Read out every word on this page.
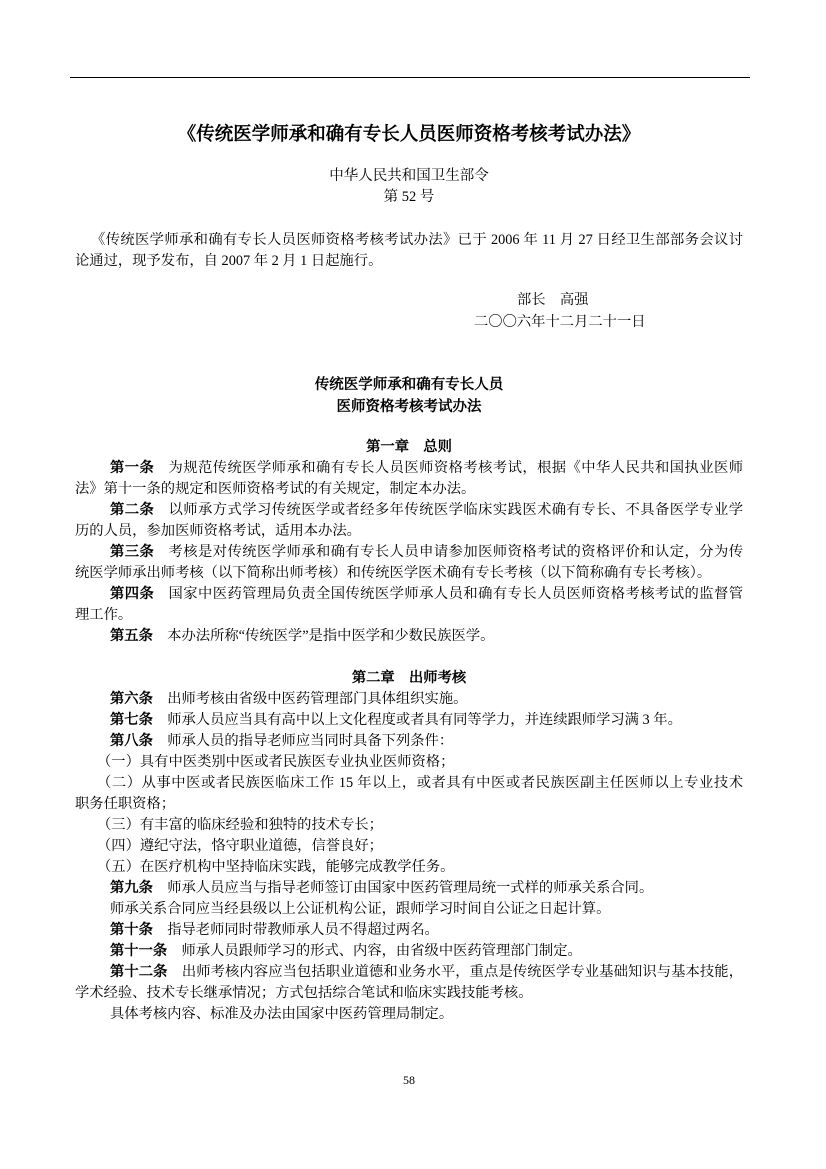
《传统医学师承和确有专长人员医师资格考核考试办法》
中华人民共和国卫生部令
第 52 号
《传统医学师承和确有专长人员医师资格考核考试办法》已于 2006 年 11 月 27 日经卫生部部务会议讨
论通过，现予发布，自 2007 年 2 月 1 日起施行。
部长　高强
二〇〇六年十二月二十一日
传统医学师承和确有专长人员
医师资格考核考试办法
第一章　总则
第一条 为规范传统医学师承和确有专长人员医师资格考核考试，根据《中华人民共和国执业医师
法》第十一条的规定和医师资格考试的有关规定，制定本办法。
第二条 以师承方式学习传统医学或者经多年传统医学临床实践医术确有专长、不具备医学专业学
历的人员，参加医师资格考试，适用本办法。
第三条 考核是对传统医学师承和确有专长人员申请参加医师资格考试的资格评价和认定，分为传
统医学师承出师考核（以下简称出师考核）和传统医学医术确有专长考核（以下简称确有专长考核）。
第四条 国家中医药管理局负责全国传统医学师承人员和确有专长人员医师资格考核考试的监督管
理工作。
第五条 本办法所称“传统医学”是指中医学和少数民族医学。
第二章　出师考核
第六条 出师考核由省级中医药管理部门具体组织实施。
第七条 师承人员应当具有高中以上文化程度或者具有同等学力，并连续跟师学习满 3 年。
第八条 师承人员的指导老师应当同时具备下列条件：
（一）具有中医类别中医或者民族医专业执业医师资格；
（二）从事中医或者民族医临床工作 15 年以上，或者具有中医或者民族医副主任医师以上专业技术
职务任职资格；
（三）有丰富的临床经验和独特的技术专长；
（四）遵纪守法，恪守职业道德，信誉良好；
（五）在医疗机构中坚持临床实践，能够完成教学任务。
第九条 师承人员应当与指导老师签订由国家中医药管理局统一式样的师承关系合同。
师承关系合同应当经县级以上公证机构公证，跟师学习时间自公证之日起计算。
第十条 指导老师同时带教师承人员不得超过两名。
第十一条 师承人员跟师学习的形式、内容，由省级中医药管理部门制定。
第十二条 出师考核内容应当包括职业道德和业务水平，重点是传统医学专业基础知识与基本技能，
学术经验、技术专长继承情况；方式包括综合笔试和临床实践技能考核。
具体考核内容、标准及办法由国家中医药管理局制定。
58
